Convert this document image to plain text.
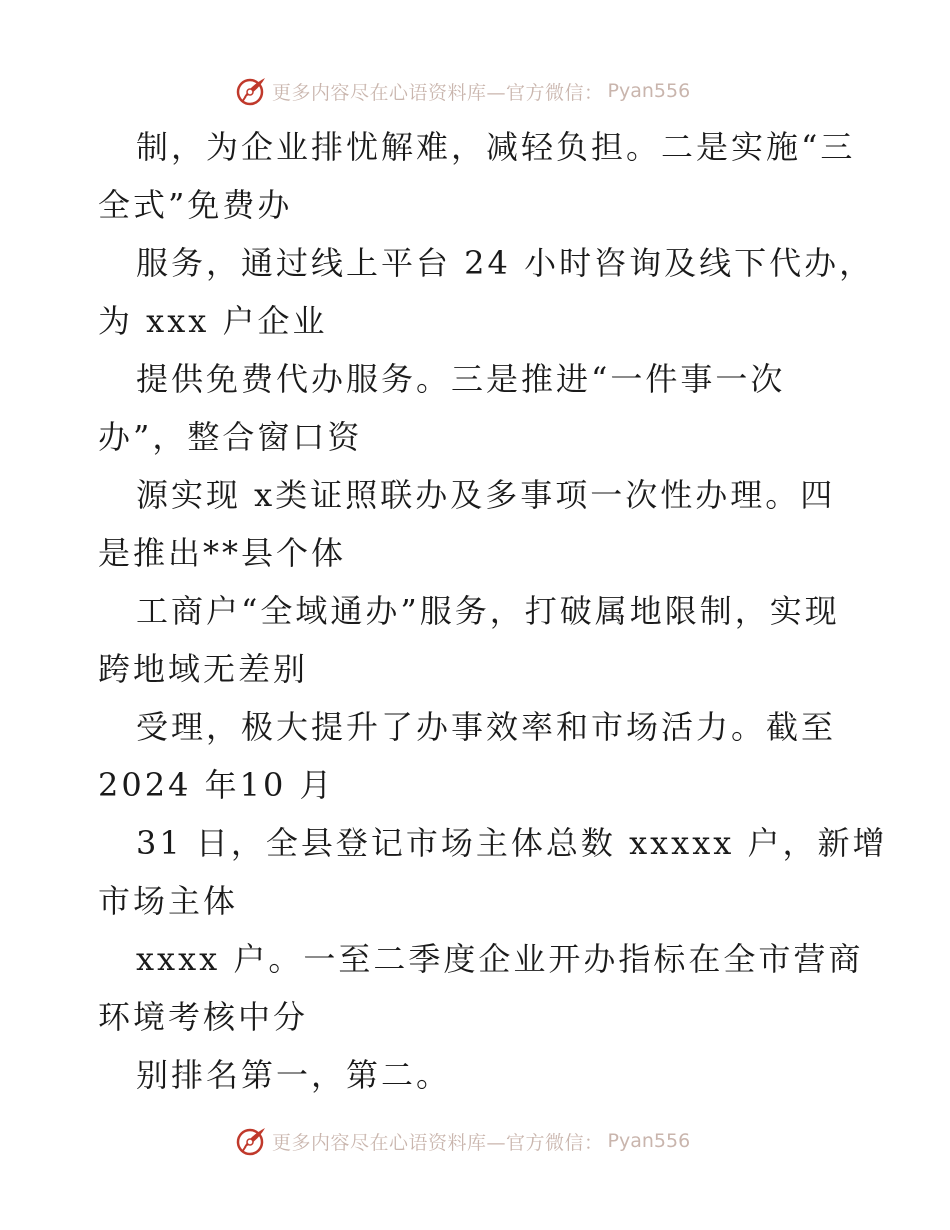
更多内容尽在心语资料库—官方微信： Pyan556
制，为企业排忧解难，减轻负担。二是实施“三
全式”免费办
服务，通过线上平台 24 小时咨询及线下代办，
为 xxx 户企业
提供免费代办服务。三是推进“一件事一次
办”，整合窗口资
源实现 x类证照联办及多事项一次性办理。四
是推出**县个体
工商户“全域通办”服务，打破属地限制，实现
跨地域无差别
受理，极大提升了办事效率和市场活力。截至
2024 年10 月
31 日，全县登记市场主体总数 xxxxx 户，新增
市场主体
xxxx 户。一至二季度企业开办指标在全市营商
环境考核中分
别排名第一，第二。
更多内容尽在心语资料库—官方微信： Pyan556
